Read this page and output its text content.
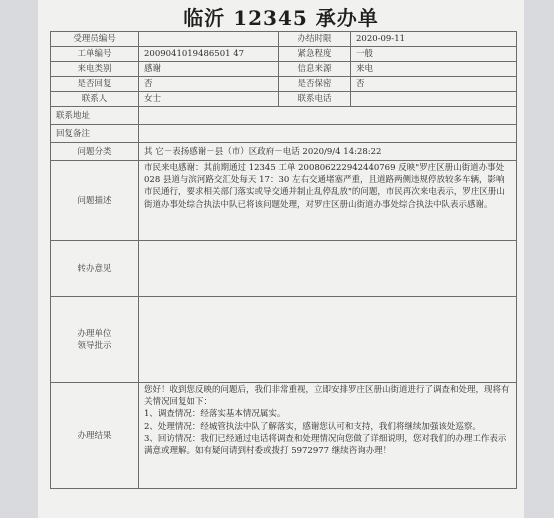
临沂 12345 承办单
受理员编号		办结时限	2020-09-11
工单编号	2009041019486501 47	紧急程度	一般
来电类别	感谢	信息来源	来电
是否回复	否	是否保密	否
联系人	女士	联系电话	
联系地址			
回复备注			
问题分类	其 它－表扬感谢－县（市）区政府－电话 2020/9/4 14:28:22		
问题描述	市民来电感谢：其前期通过 12345 工单 200806222942440769 反映"罗庄区册山街道办事处 028 县道与滨河路交汇处每天 17：30 左右交通堵塞严重，且道路两侧违规停放较多车辆，影响市民通行，要求相关部门落实或导交通并制止乱停乱放"的问题，市民再次来电表示，罗庄区册山街道办事处综合执法中队已将该问题处理，对罗庄区册山街道办事处综合执法中队表示感谢。		
转办意见			

办理单位
领导批示			

办理结果	您好！收到您反映的问题后，我们非常重视，立即安排罗庄区册山街道进行了调查和处理，现将有关情况回复如下：
1、调查情况：经落实基本情况属实。
2、处理情况：经城管执法中队了解落实，感谢您认可和支持，我们将继续加强该处巡察。
3、回访情况：我们已经通过电话将调查和处理情况向您做了详细说明，您对我们的办理工作表示满意或理解。如有疑问请到村委或拨打 5972977 继续咨询办理！		
